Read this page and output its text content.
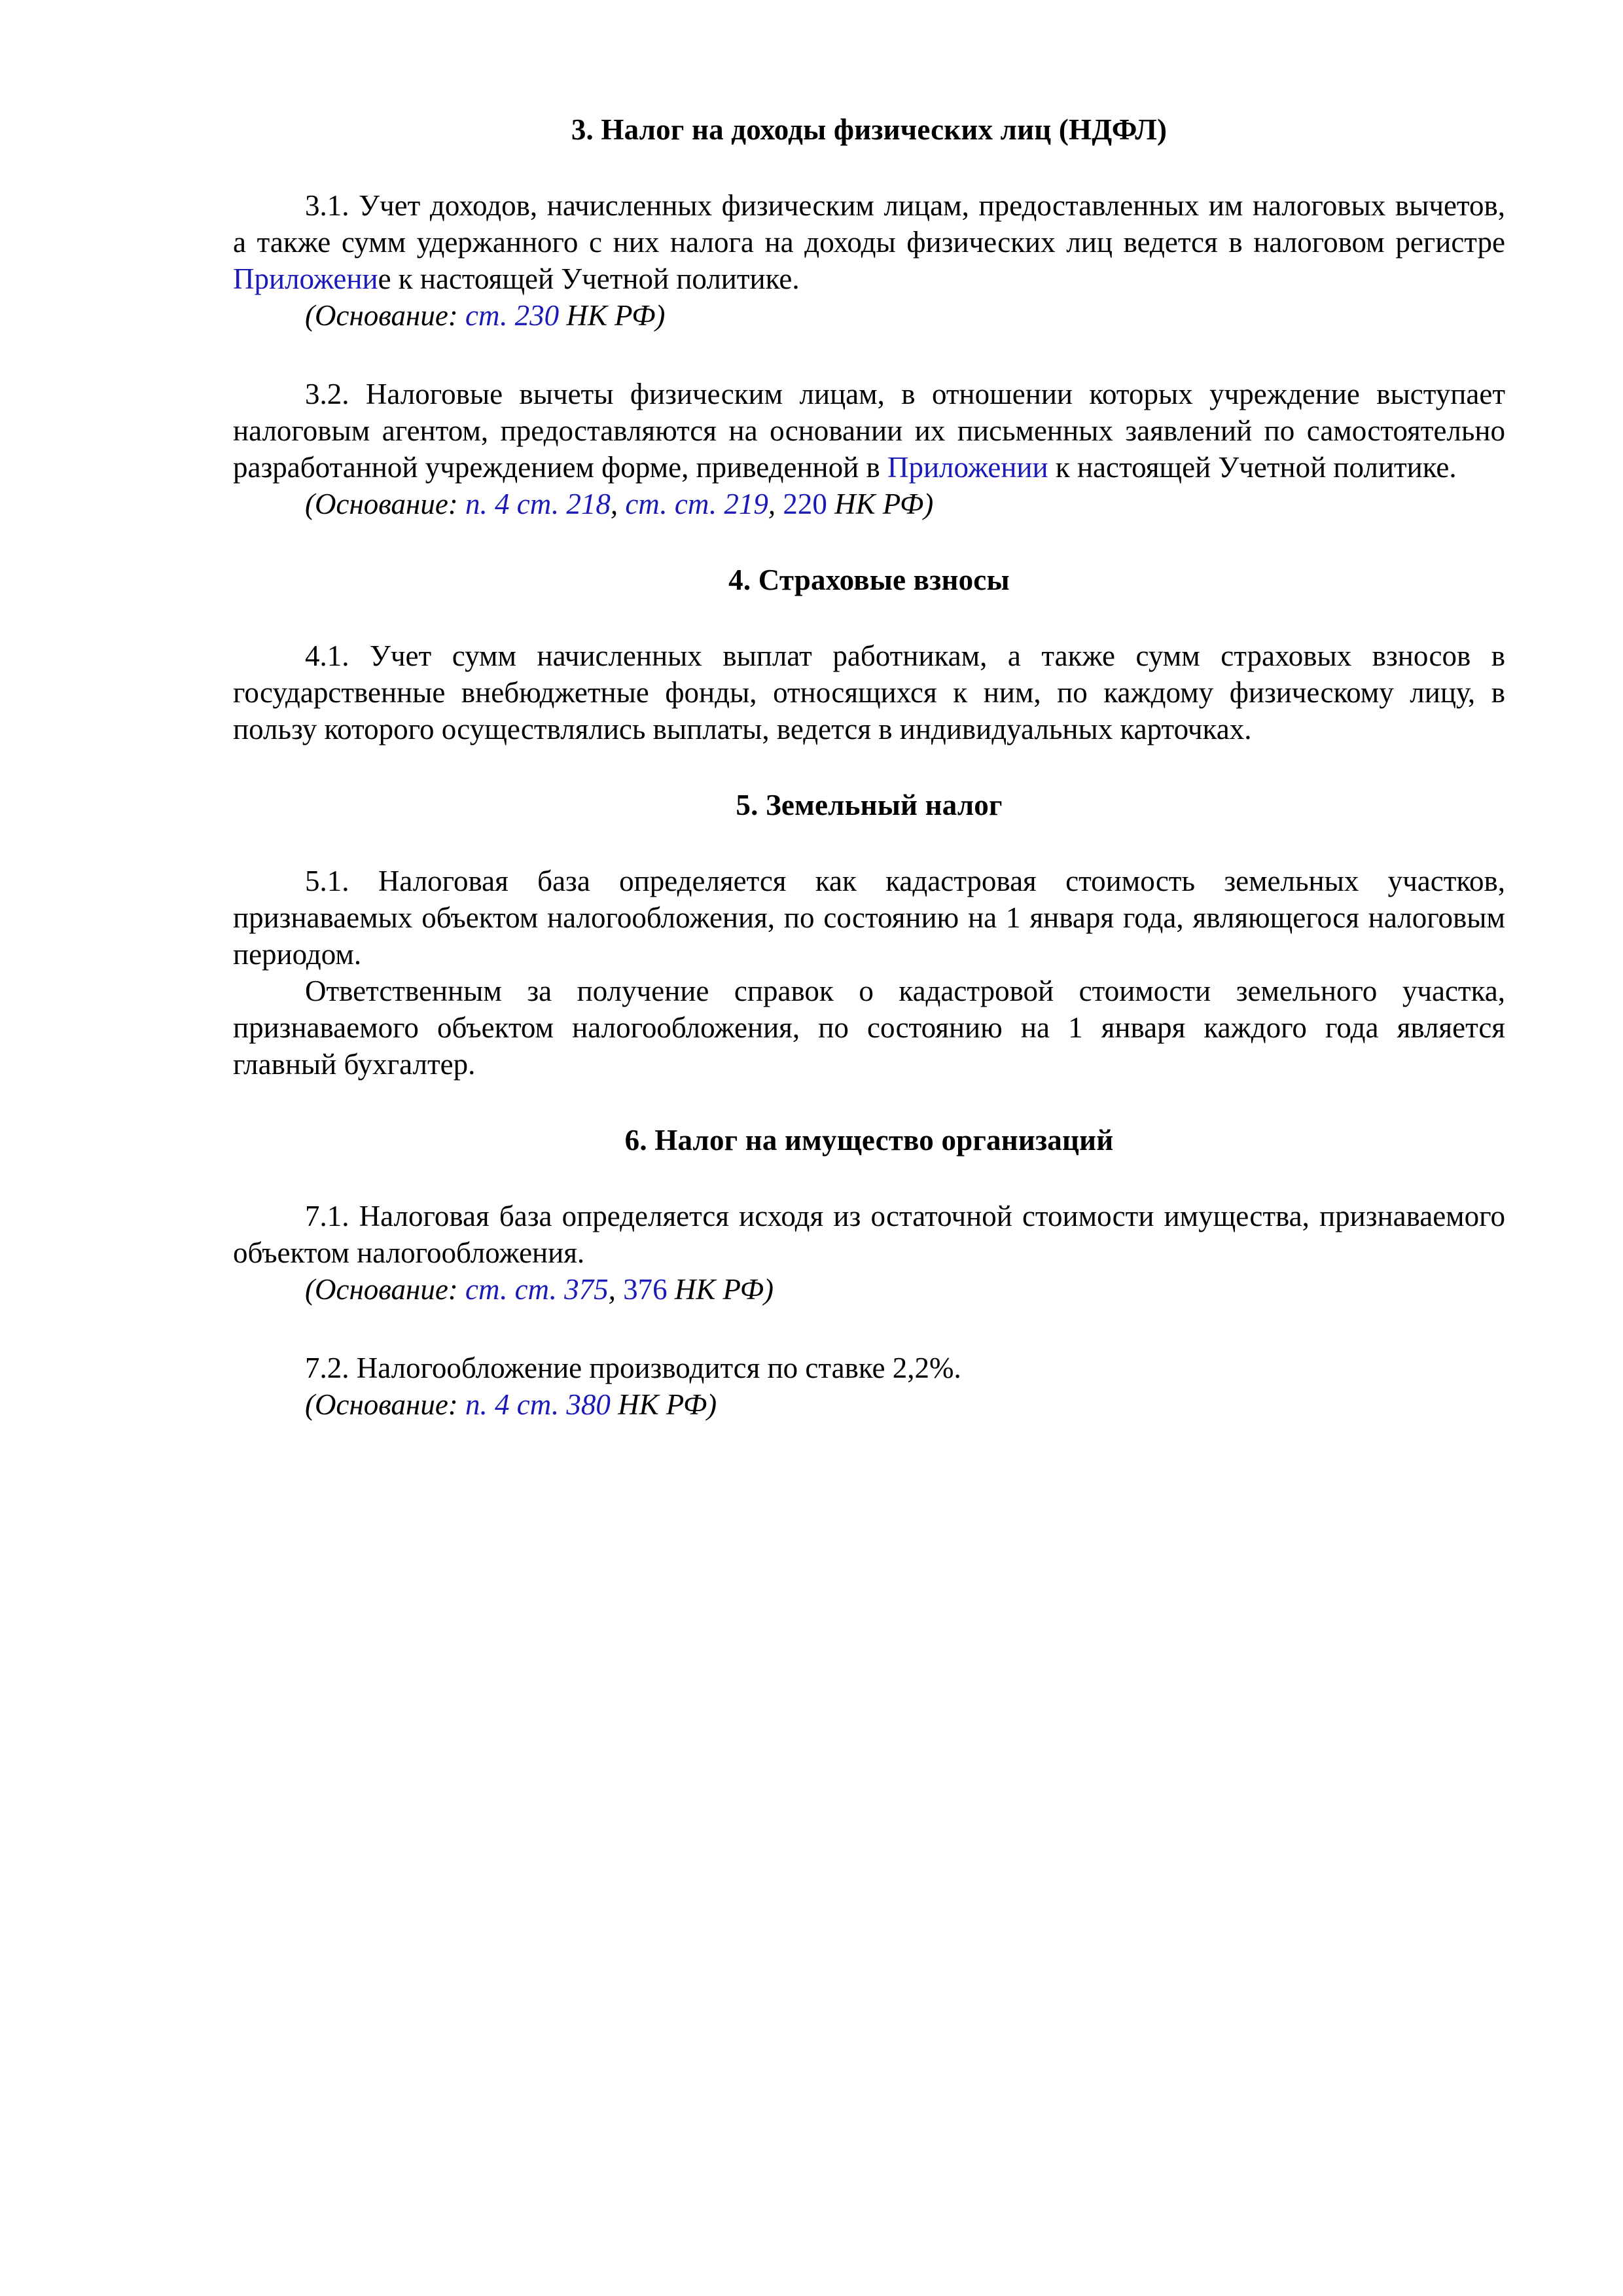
3. Налог на доходы физических лиц (НДФЛ)

3.1. Учет доходов, начисленных физическим лицам, предоставленных им налоговых вычетов, а также сумм удержанного с них налога на доходы физических лиц ведется в налоговом регистре Приложение к настоящей Учетной политике.

(Основание: ст. 230 НК РФ)

3.2. Налоговые вычеты физическим лицам, в отношении которых учреждение выступает налоговым агентом, предоставляются на основании их письменных заявлений по самостоятельно разработанной учреждением форме, приведенной в Приложении к настоящей Учетной политике.

(Основание: п. 4 ст. 218, ст. ст. 219, 220 НК РФ)

4. Страховые взносы

4.1. Учет сумм начисленных выплат работникам, а также сумм страховых взносов в государственные внебюджетные фонды, относящихся к ним, по каждому физическому лицу, в пользу которого осуществлялись выплаты, ведется в индивидуальных карточках.

5. Земельный налог

5.1. Налоговая база определяется как кадастровая стоимость земельных участков, признаваемых объектом налогообложения, по состоянию на 1 января года, являющегося налоговым периодом.

Ответственным за получение справок о кадастровой стоимости земельного участка, признаваемого объектом налогообложения, по состоянию на 1 января каждого года является главный бухгалтер.

6. Налог на имущество организаций

7.1. Налоговая база определяется исходя из остаточной стоимости имущества, признаваемого объектом налогообложения.

(Основание: ст. ст. 375, 376 НК РФ)

7.2. Налогообложение производится по ставке 2,2%.

(Основание: п. 4 ст. 380 НК РФ)
